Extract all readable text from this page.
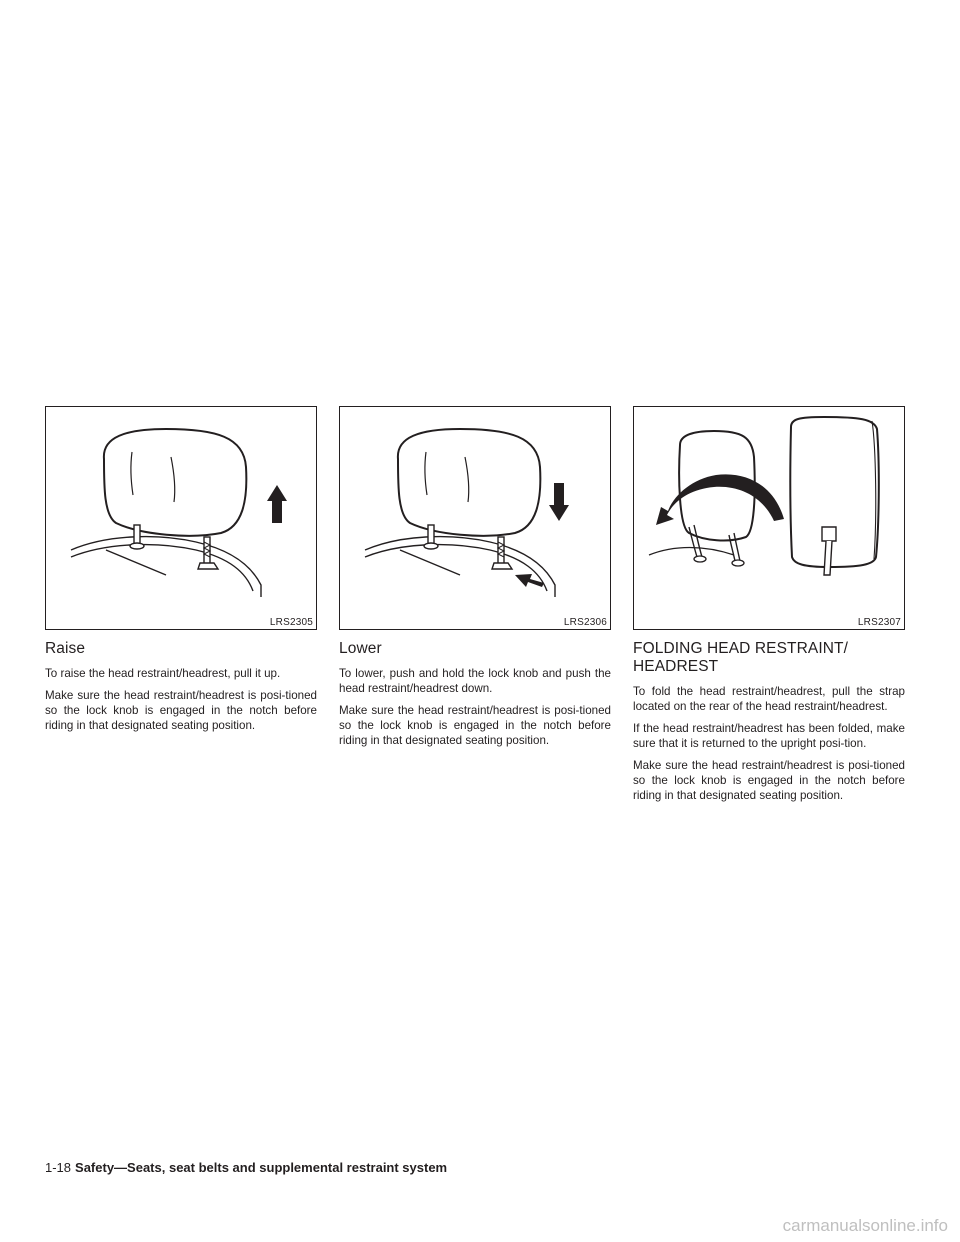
LRS2305
Raise

To raise the head restraint/headrest, pull it up.

Make sure the head restraint/headrest is posi-tioned so the lock knob is engaged in the notch before riding in that designated seating position.

LRS2306
Lower

To lower, push and hold the lock knob and push the head restraint/headrest down.

Make sure the head restraint/headrest is posi-tioned so the lock knob is engaged in the notch before riding in that designated seating position.

LRS2307
FOLDING HEAD RESTRAINT/
HEADREST

To fold the head restraint/headrest, pull the strap located on the rear of the head restraint/headrest.

If the head restraint/headrest has been folded, make sure that it is returned to the upright posi-tion.

Make sure the head restraint/headrest is posi-tioned so the lock knob is engaged in the notch before riding in that designated seating position.

1-18 Safety—Seats, seat belts and supplemental restraint system
carmanualsonline.info
